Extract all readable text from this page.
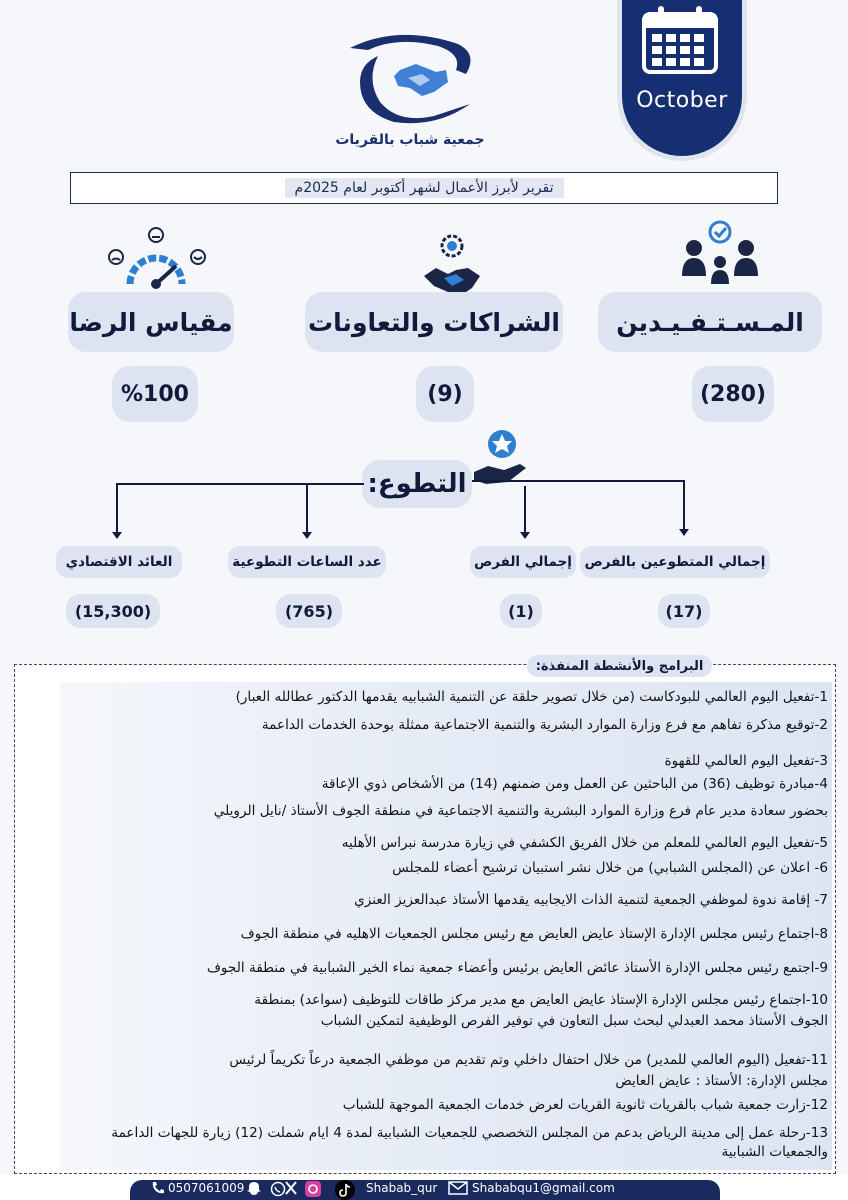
October
جمعية شباب بالقريات
تقرير لأبرز الأعمال لشهر أكتوبر لعام 2025م
المـسـتـفـيـدين
الشراكات والتعاونات
مقياس الرضا
(280)
(9)
%100
التطوع:
إجمالي المتطوعين بالفرص
إجمالي الفرص
عدد الساعات التطوعية
العائد الاقتصادي
(17)
(1)
(765)
(15,300)
البرامج والأنشطة المنفذة:
1-تفعيل اليوم العالمي للبودكاست (من خلال تصوير حلقة عن التنمية الشبابيه يقدمها الدكتور عطالله العبار)
2-توقيع مذكرة تفاهم مع فرع وزارة الموارد البشرية والتنمية الاجتماعية ممثلة بوحدة الخدمات الداعمة
3-تفعيل اليوم العالمي للقهوة
4-مبادرة توظيف (36) من الباحثين عن العمل ومن ضمنهم (14) من الأشخاص ذوي الإعاقة
بحضور سعادة مدير عام فرع وزارة الموارد البشرية والتنمية الاجتماعية في منطقة الجوف الأستاذ /نايل الرويلي
5-تفعيل اليوم العالمي للمعلم من خلال الفريق الكشفي في زيارة مدرسة نبراس الأهليه
6- اعلان عن (المجلس الشبابي) من خلال نشر استبيان ترشيح أعضاء للمجلس
7- إقامة ندوة لموظفي الجمعية لتنمية الذات الايجابيه يقدمها الأستاذ عبدالعزيز العنزي
8-اجتماع رئيس مجلس الإدارة الإستاذ عايض العايض مع رئيس مجلس الجمعيات الاهليه في منطقة الجوف
9-اجتمع رئيس مجلس الإدارة الأستاذ عائض العايض برئيس وأعضاء جمعية نماء الخير الشبابية في منطقة الجوف
10-اجتماع رئيس مجلس الإدارة الإستاذ عايض العايض مع مدير مركز طاقات للتوظيف (سواعد) بمنطقة
الجوف الأستاذ محمد العبدلي لبحث سبل التعاون في توفير الفرص الوظيفية لتمكين الشباب
11-تفعيل (اليوم العالمي للمدير) من خلال احتفال داخلي وتم تقديم من موظفي الجمعية درعاً تكريماً لرئيس
مجلس الإدارة: الأستاذ : عايض العايض
12-زارت جمعية شباب بالقريات ثانوية القريات لعرض خدمات الجمعية الموجهة للشباب
13-رحلة عمل إلى مدينة الرياض بدعم من المجلس التخصصي للجمعيات الشبابية لمدة 4 ايام شملت (12) زيارة للجهات الداعمة
والجمعيات الشبابية
0507061009	Shabab_qur	Shababqu1@gmail.com
